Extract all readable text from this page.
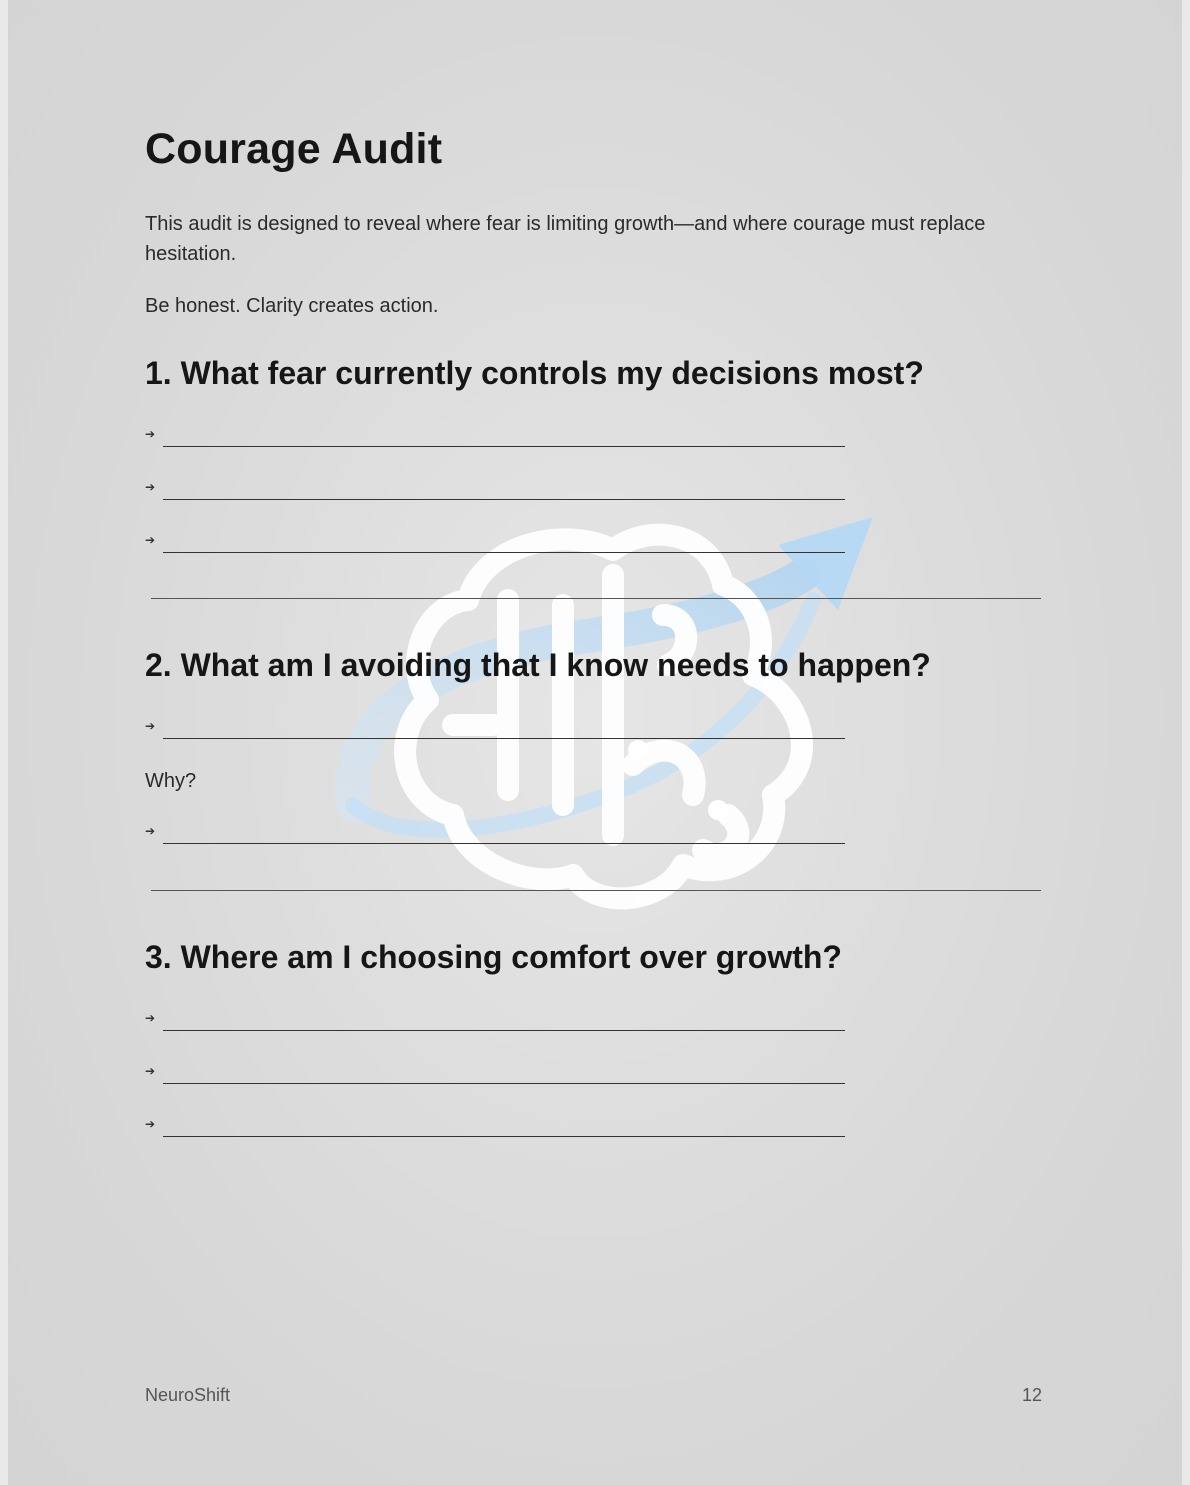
Courage Audit

This audit is designed to reveal where fear is limiting growth—and where courage must replace hesitation.

Be honest. Clarity creates action.

1. What fear currently controls my decisions most?
➔
➔
➔
2. What am I avoiding that I know needs to happen?
➔

Why?

➔
3. Where am I choosing comfort over growth?
➔
➔
➔
NeuroShift	12
